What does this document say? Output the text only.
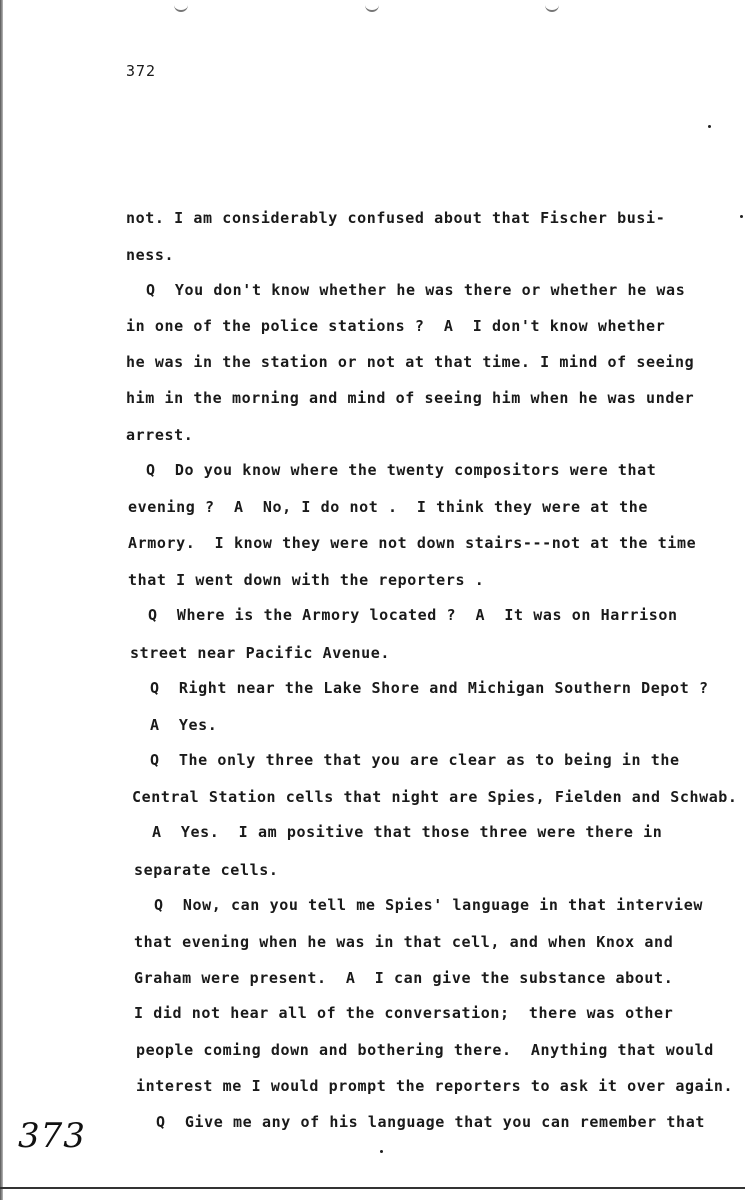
372
not. I am considerably confused about that Fischer busi-
ness.
Q  You don't know whether he was there or whether he was
in one of the police stations ?  A  I don't know whether
he was in the station or not at that time. I mind of seeing
him in the morning and mind of seeing him when he was under
arrest.
Q  Do you know where the twenty compositors were that
evening ?  A  No, I do not .  I think they were at the
Armory.  I know they were not down stairs---not at the time
that I went down with the reporters .
Q  Where is the Armory located ?  A  It was on Harrison
street near Pacific Avenue.
Q  Right near the Lake Shore and Michigan Southern Depot ?
A  Yes.
Q  The only three that you are clear as to being in the
Central Station cells that night are Spies, Fielden and Schwab.
A  Yes.  I am positive that those three were there in
separate cells.
Q  Now, can you tell me Spies' language in that interview
that evening when he was in that cell, and when Knox and
Graham were present.  A  I can give the substance about.
I did not hear all of the conversation;  there was other
people coming down and bothering there.  Anything that would
interest me I would prompt the reporters to ask it over again.
Q  Give me any of his language that you can remember that
373
